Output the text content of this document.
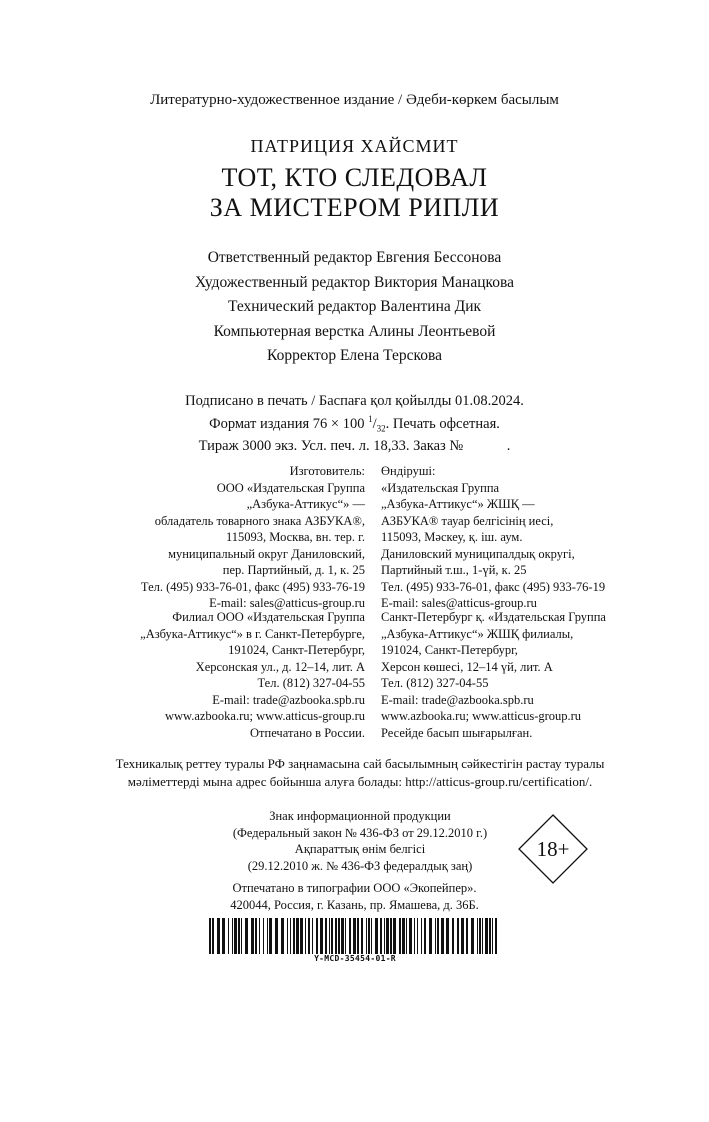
Литературно-художественное издание / Әдеби-көркем басылым
ПАТРИЦИЯ ХАЙСМИТ
ТОТ, КТО СЛЕДОВАЛ
ЗА МИСТЕРОМ РИПЛИ
Ответственный редактор Евгения Бессонова
Художественный редактор Виктория Манацкова
Технический редактор Валентина Дик
Компьютерная верстка Алины Леонтьевой
Корректор Елена Терскова
Подписано в печать / Баспаға қол қойылды 01.08.2024.
Формат издания 76 × 100 $^1/_{32}$. Печать офсетная.
Тираж 3000 экз. Усл. печ. л. 18,33. Заказ №            .
Изготовитель:
ООО «Издательская Группа
„Азбука-Аттикус“» —
обладатель товарного знака АЗБУКА®,
115093, Москва, вн. тер. г.
муниципальный округ Даниловский,
пер. Партийный, д. 1, к. 25
Тел. (495) 933-76-01, факс (495) 933-76-19
E-mail: sales@atticus-group.ru
Өндіруші:
«Издательская Группа
„Азбука-Аттикус“» ЖШҚ —
АЗБУКА® тауар белгісінің иесі,
115093, Мәскеу, қ. іш. аум.
Даниловский муниципалдық округі,
Партийный т.ш., 1-үй, к. 25
Тел. (495) 933-76-01, факс (495) 933-76-19
E-mail: sales@atticus-group.ru
Филиал ООО «Издательская Группа
„Азбука-Аттикус“» в г. Санкт-Петербурге,
191024, Санкт-Петербург,
Херсонская ул., д. 12–14, лит. А
Тел. (812) 327-04-55
E-mail: trade@azbooka.spb.ru
Санкт-Петербург қ. «Издательская Группа
„Азбука-Аттикус“» ЖШҚ филиалы,
191024, Санкт-Петербург,
Херсон көшесі, 12–14 үй, лит. А
Тел. (812) 327-04-55
E-mail: trade@azbooka.spb.ru
www.azbooka.ru; www.atticus-group.ru
Отпечатано в России.
www.azbooka.ru; www.atticus-group.ru
Ресейде басып шығарылған.
Техникалық реттеу туралы РФ заңнамасына сай басылымның сәйкестігін растау туралы
мәліметтерді мына адрес бойынша алуға болады: http://atticus-group.ru/certification/.
Знак информационной продукции
(Федеральный закон № 436-ФЗ от 29.12.2010 г.)
Ақпараттық өнім белгісі
(29.12.2010 ж. № 436-ФЗ федералдық заң)
18+
Отпечатано в типографии ООО «Экопейпер».
420044, Россия, г. Казань, пр. Ямашева, д. 36Б.
Y-MCD-35454-01-R
